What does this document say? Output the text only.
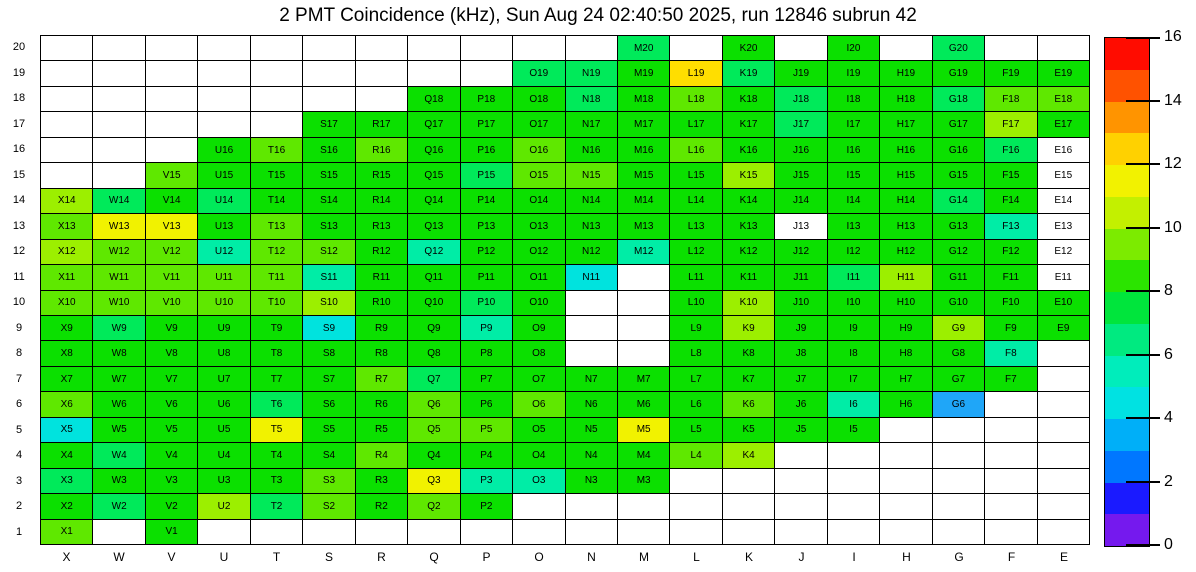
2 PMT Coincidence (kHz), Sun Aug 24 02:40:50 2025, run 12846 subrun 42
M20	K20	I20	G20
O19	N19	M19	L19	K19	J19	I19	H19	G19	F19	E19
Q18	P18	O18	N18	M18	L18	K18	J18	I18	H18	G18	F18	E18
S17	R17	Q17	P17	O17	N17	M17	L17	K17	J17	I17	H17	G17	F17	E17
U16	T16	S16	R16	Q16	P16	O16	N16	M16	L16	K16	J16	I16	H16	G16	F16	E16
V15	U15	T15	S15	R15	Q15	P15	O15	N15	M15	L15	K15	J15	I15	H15	G15	F15	E15
X14	W14	V14	U14	T14	S14	R14	Q14	P14	O14	N14	M14	L14	K14	J14	I14	H14	G14	F14	E14
X13	W13	V13	U13	T13	S13	R13	Q13	P13	O13	N13	M13	L13	K13	J13	I13	H13	G13	F13	E13
X12	W12	V12	U12	T12	S12	R12	Q12	P12	O12	N12	M12	L12	K12	J12	I12	H12	G12	F12	E12
X11	W11	V11	U11	T11	S11	R11	Q11	P11	O11	N11	L11	K11	J11	I11	H11	G11	F11	E11
X10	W10	V10	U10	T10	S10	R10	Q10	P10	O10	L10	K10	J10	I10	H10	G10	F10	E10
X9	W9	V9	U9	T9	S9	R9	Q9	P9	O9	L9	K9	J9	I9	H9	G9	F9	E9
X8	W8	V8	U8	T8	S8	R8	Q8	P8	O8	L8	K8	J8	I8	H8	G8	F8
X7	W7	V7	U7	T7	S7	R7	Q7	P7	O7	N7	M7	L7	K7	J7	I7	H7	G7	F7
X6	W6	V6	U6	T6	S6	R6	Q6	P6	O6	N6	M6	L6	K6	J6	I6	H6	G6
X5	W5	V5	U5	T5	S5	R5	Q5	P5	O5	N5	M5	L5	K5	J5	I5
X4	W4	V4	U4	T4	S4	R4	Q4	P4	O4	N4	M4	L4	K4
X3	W3	V3	U3	T3	S3	R3	Q3	P3	O3	N3	M3
X2	W2	V2	U2	T2	S2	R2	Q2	P2
X1	V1
20
19
18
17
16
15
14
13
12
11
10
9
8
7
6
5
4
3
2
1
X	W	V	U	T	S	R	Q	P	O	N	M	L	K	J	I	H	G	F	E
16
14
12
10
8
6
4
2
0
